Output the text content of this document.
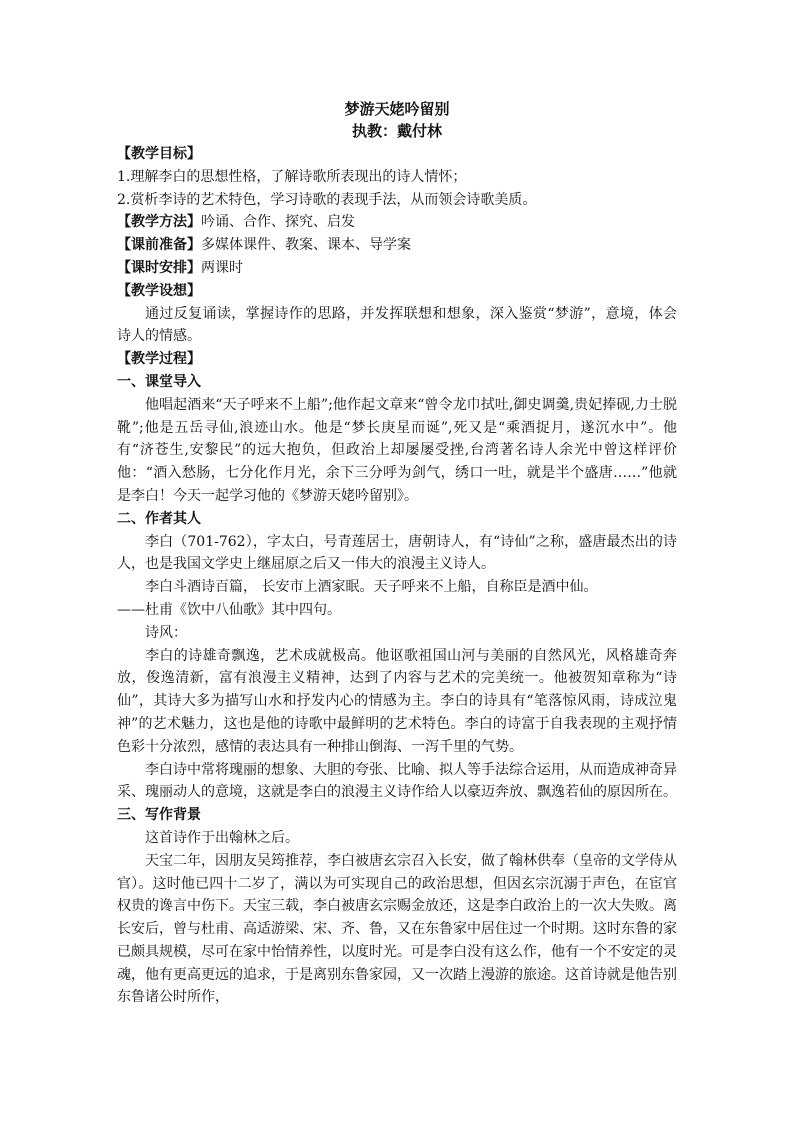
梦游天姥吟留别
执教：戴付林
【教学目标】
1.理解李白的思想性格，了解诗歌所表现出的诗人情怀；
2.赏析李诗的艺术特色，学习诗歌的表现手法，从而领会诗歌美质。
【教学方法】吟诵、合作、探究、启发
【课前准备】多媒体课件、教案、课本、导学案
【课时安排】两课时
【教学设想】
通过反复诵读，掌握诗作的思路，并发挥联想和想象，深入鉴赏“梦游”，意境，体会诗人的情感。
【教学过程】
一、课堂导入
他唱起酒来“天子呼来不上船”;他作起文章来“曾令龙巾拭吐,御史调羹,贵妃捧砚,力士脱靴”;他是五岳寻仙,浪迹山水。他是“梦长庚星而诞”,死又是“乘酒捉月，遂沉水中”。他有“济苍生,安黎民”的远大抱负，但政治上却屡屡受挫,台湾著名诗人余光中曾这样评价他：“酒入愁肠，七分化作月光，余下三分呼为剑气，绣口一吐，就是半个盛唐……”他就是李白！今天一起学习他的《梦游天姥吟留别》。
二、作者其人
李白（701-762），字太白，号青莲居士，唐朝诗人，有“诗仙”之称，盛唐最杰出的诗人，也是我国文学史上继屈原之后又一伟大的浪漫主义诗人。
李白斗酒诗百篇， 长安市上酒家眠。天子呼来不上船，自称臣是酒中仙。
——杜甫《饮中八仙歌》其中四句。
诗风：
李白的诗雄奇飘逸，艺术成就极高。他讴歌祖国山河与美丽的自然风光，风格雄奇奔放，俊逸清新，富有浪漫主义精神，达到了内容与艺术的完美统一。他被贺知章称为“诗仙”，其诗大多为描写山水和抒发内心的情感为主。李白的诗具有“笔落惊风雨，诗成泣鬼神”的艺术魅力，这也是他的诗歌中最鲜明的艺术特色。李白的诗富于自我表现的主观抒情色彩十分浓烈，感情的表达具有一种排山倒海、一泻千里的气势。
李白诗中常将瑰丽的想象、大胆的夸张、比喻、拟人等手法综合运用，从而造成神奇异采、瑰丽动人的意境，这就是李白的浪漫主义诗作给人以豪迈奔放、飘逸若仙的原因所在。
三、写作背景
这首诗作于出翰林之后。
天宝二年，因朋友吴筠推荐，李白被唐玄宗召入长安，做了翰林供奉（皇帝的文学侍从官）。这时他已四十二岁了，满以为可实现自己的政治思想，但因玄宗沉溺于声色，在宦官权贵的谗言中伤下。天宝三载，李白被唐玄宗赐金放还，这是李白政治上的一次大失败。离长安后，曾与杜甫、高适游梁、宋、齐、鲁，又在东鲁家中居住过一个时期。这时东鲁的家已颇具规模，尽可在家中怡情养性，以度时光。可是李白没有这么作，他有一个不安定的灵魂，他有更高更远的追求，于是离别东鲁家园，又一次踏上漫游的旅途。这首诗就是他告别东鲁诸公时所作，
